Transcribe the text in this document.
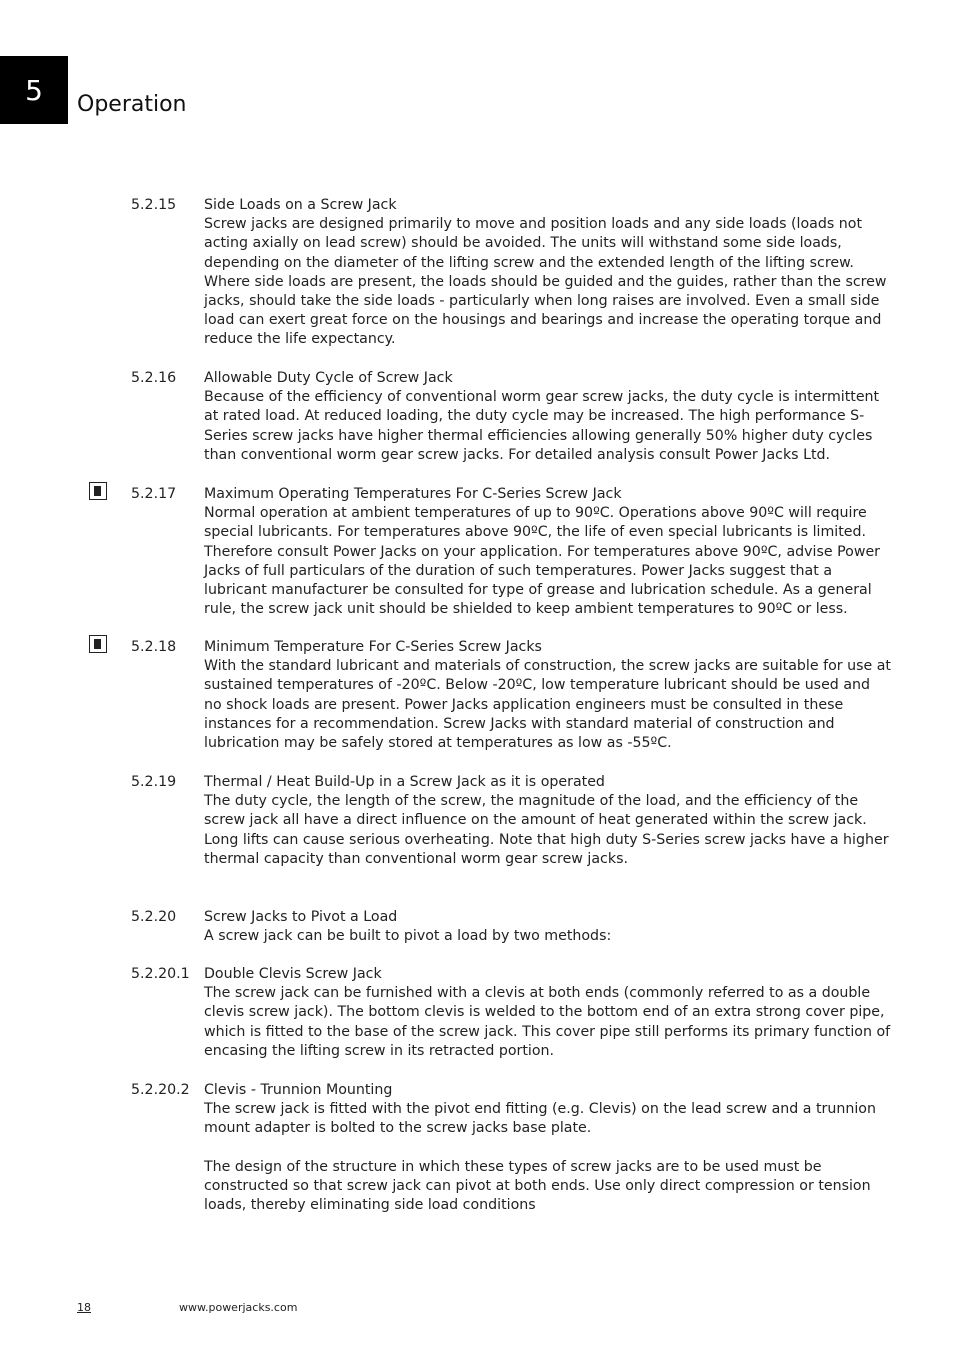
5 Operation
5.2.15	Side Loads on a Screw Jack
Screw jacks are designed primarily to move and position loads and any side loads (loads not acting axially on lead screw) should be avoided. The units will withstand some side loads, depending on the diameter of the lifting screw and the extended length of the lifting screw. Where side loads are present, the loads should be guided and the guides, rather than the screw jacks, should take the side loads - particularly when long raises are involved. Even a small side load can exert great force on the housings and bearings and increase the operating torque and reduce the life expectancy.
5.2.16	Allowable Duty Cycle of Screw Jack
Because of the efficiency of conventional worm gear screw jacks, the duty cycle is intermittent at rated load. At reduced loading, the duty cycle may be increased. The high performance S-Series screw jacks have higher thermal efficiencies allowing generally 50% higher duty cycles than conventional worm gear screw jacks. For detailed analysis consult Power Jacks Ltd.
5.2.17	Maximum Operating Temperatures For C-Series Screw Jack
Normal operation at ambient temperatures of up to 90ºC. Operations above 90ºC will require special lubricants. For temperatures above 90ºC, the life of even special lubricants is limited. Therefore consult Power Jacks on your application. For temperatures above 90ºC, advise Power Jacks of full particulars of the duration of such temperatures. Power Jacks suggest that a lubricant manufacturer be consulted for type of grease and lubrication schedule. As a general rule, the screw jack unit should be shielded to keep ambient temperatures to 90ºC or less.
5.2.18	Minimum Temperature For C-Series Screw Jacks
With the standard lubricant and materials of construction, the screw jacks are suitable for use at sustained temperatures of -20ºC. Below -20ºC, low temperature lubricant should be used and no shock loads are present. Power Jacks application engineers must be consulted in these instances for a recommendation. Screw Jacks with standard material of construction and lubrication may be safely stored at temperatures as low as -55ºC.
5.2.19	Thermal / Heat Build-Up in a Screw Jack as it is operated
The duty cycle, the length of the screw, the magnitude of the load, and the efficiency of the screw jack all have a direct influence on the amount of heat generated within the screw jack. Long lifts can cause serious overheating. Note that high duty S-Series screw jacks have a higher thermal capacity than conventional worm gear screw jacks.
5.2.20	Screw Jacks to Pivot a Load
A screw jack can be built to pivot a load by two methods:
5.2.20.1	Double Clevis Screw Jack
The screw jack can be furnished with a clevis at both ends (commonly referred to as a double clevis screw jack). The bottom clevis is welded to the bottom end of an extra strong cover pipe, which is fitted to the base of the screw jack. This cover pipe still performs its primary function of encasing the lifting screw in its retracted portion.
5.2.20.2	Clevis - Trunnion Mounting
The screw jack is fitted with the pivot end fitting (e.g. Clevis) on the lead screw and a trunnion mount adapter is bolted to the screw jacks base plate.
The design of the structure in which these types of screw jacks are to be used must be constructed so that screw jack can pivot at both ends. Use only direct compression or tension loads, thereby eliminating side load conditions
18	www.powerjacks.com
